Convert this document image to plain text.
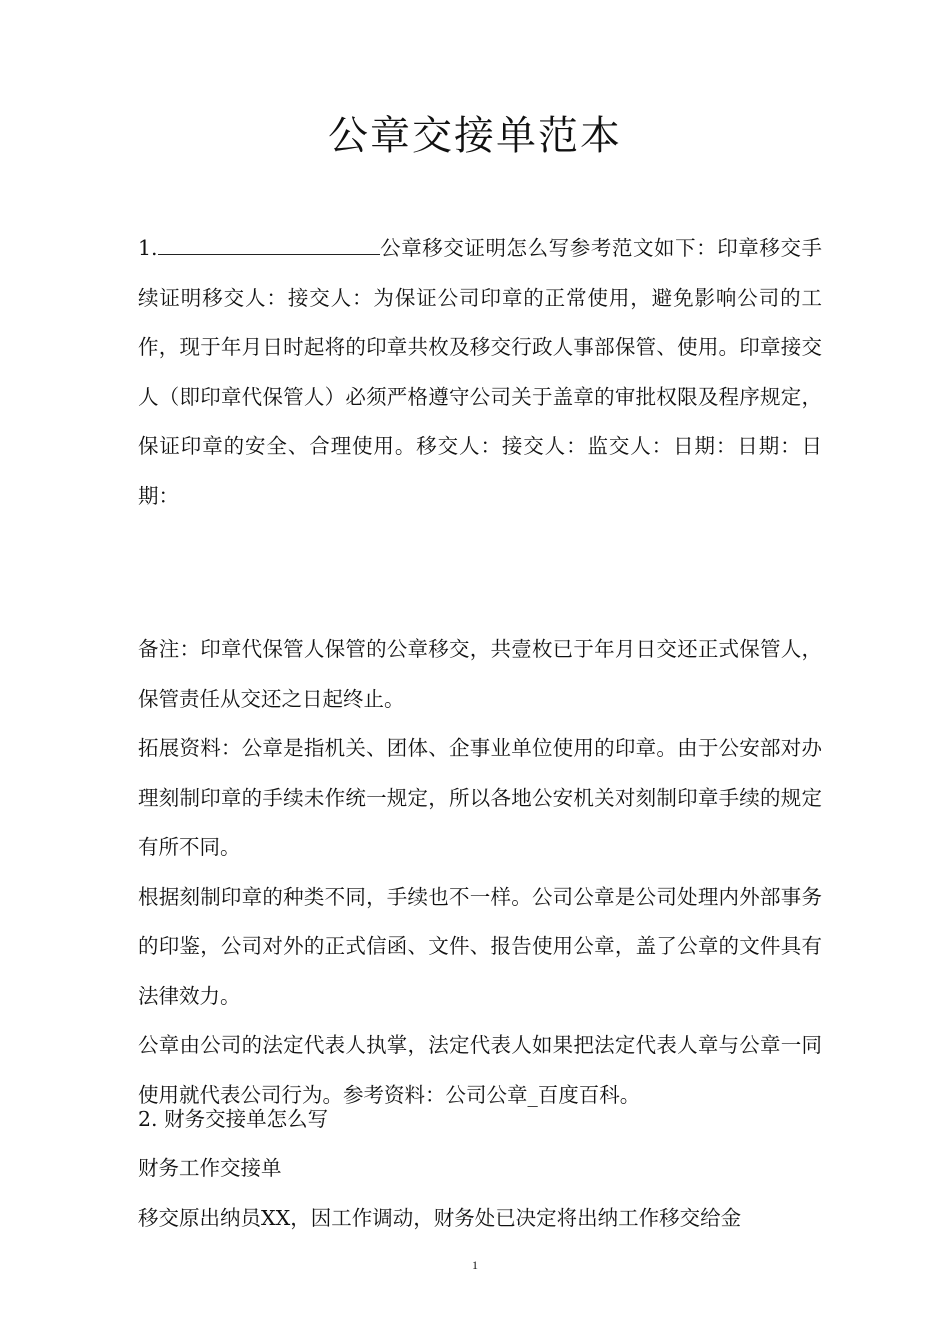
公章交接单范本

1.	公章移交证明怎么写参考范文如下：印章移交手续证明移交人：接交人：为保证公司印章的正常使用，避免影响公司的工作，现于年月日时起将的印章共枚及移交行政人事部保管、使用。印章接交人（即印章代保管人）必须严格遵守公司关于盖章的审批权限及程序规定，保证印章的安全、合理使用。移交人：接交人：监交人：日期：日期：日期：

备注：印章代保管人保管的公章移交，共壹枚已于年月日交还正式保管人，保管责任从交还之日起终止。

拓展资料：公章是指机关、团体、企事业单位使用的印章。由于公安部对办理刻制印章的手续未作统一规定，所以各地公安机关对刻制印章手续的规定有所不同。

根据刻制印章的种类不同，手续也不一样。公司公章是公司处理内外部事务的印鉴，公司对外的正式信函、文件、报告使用公章，盖了公章的文件具有法律效力。

公章由公司的法定代表人执掌，法定代表人如果把法定代表人章与公章一同使用就代表公司行为。参考资料：公司公章_百度百科。

2. 财务交接单怎么写

财务工作交接单

移交原出纳员XX，因工作调动，财务处已决定将出纳工作移交给金

1
